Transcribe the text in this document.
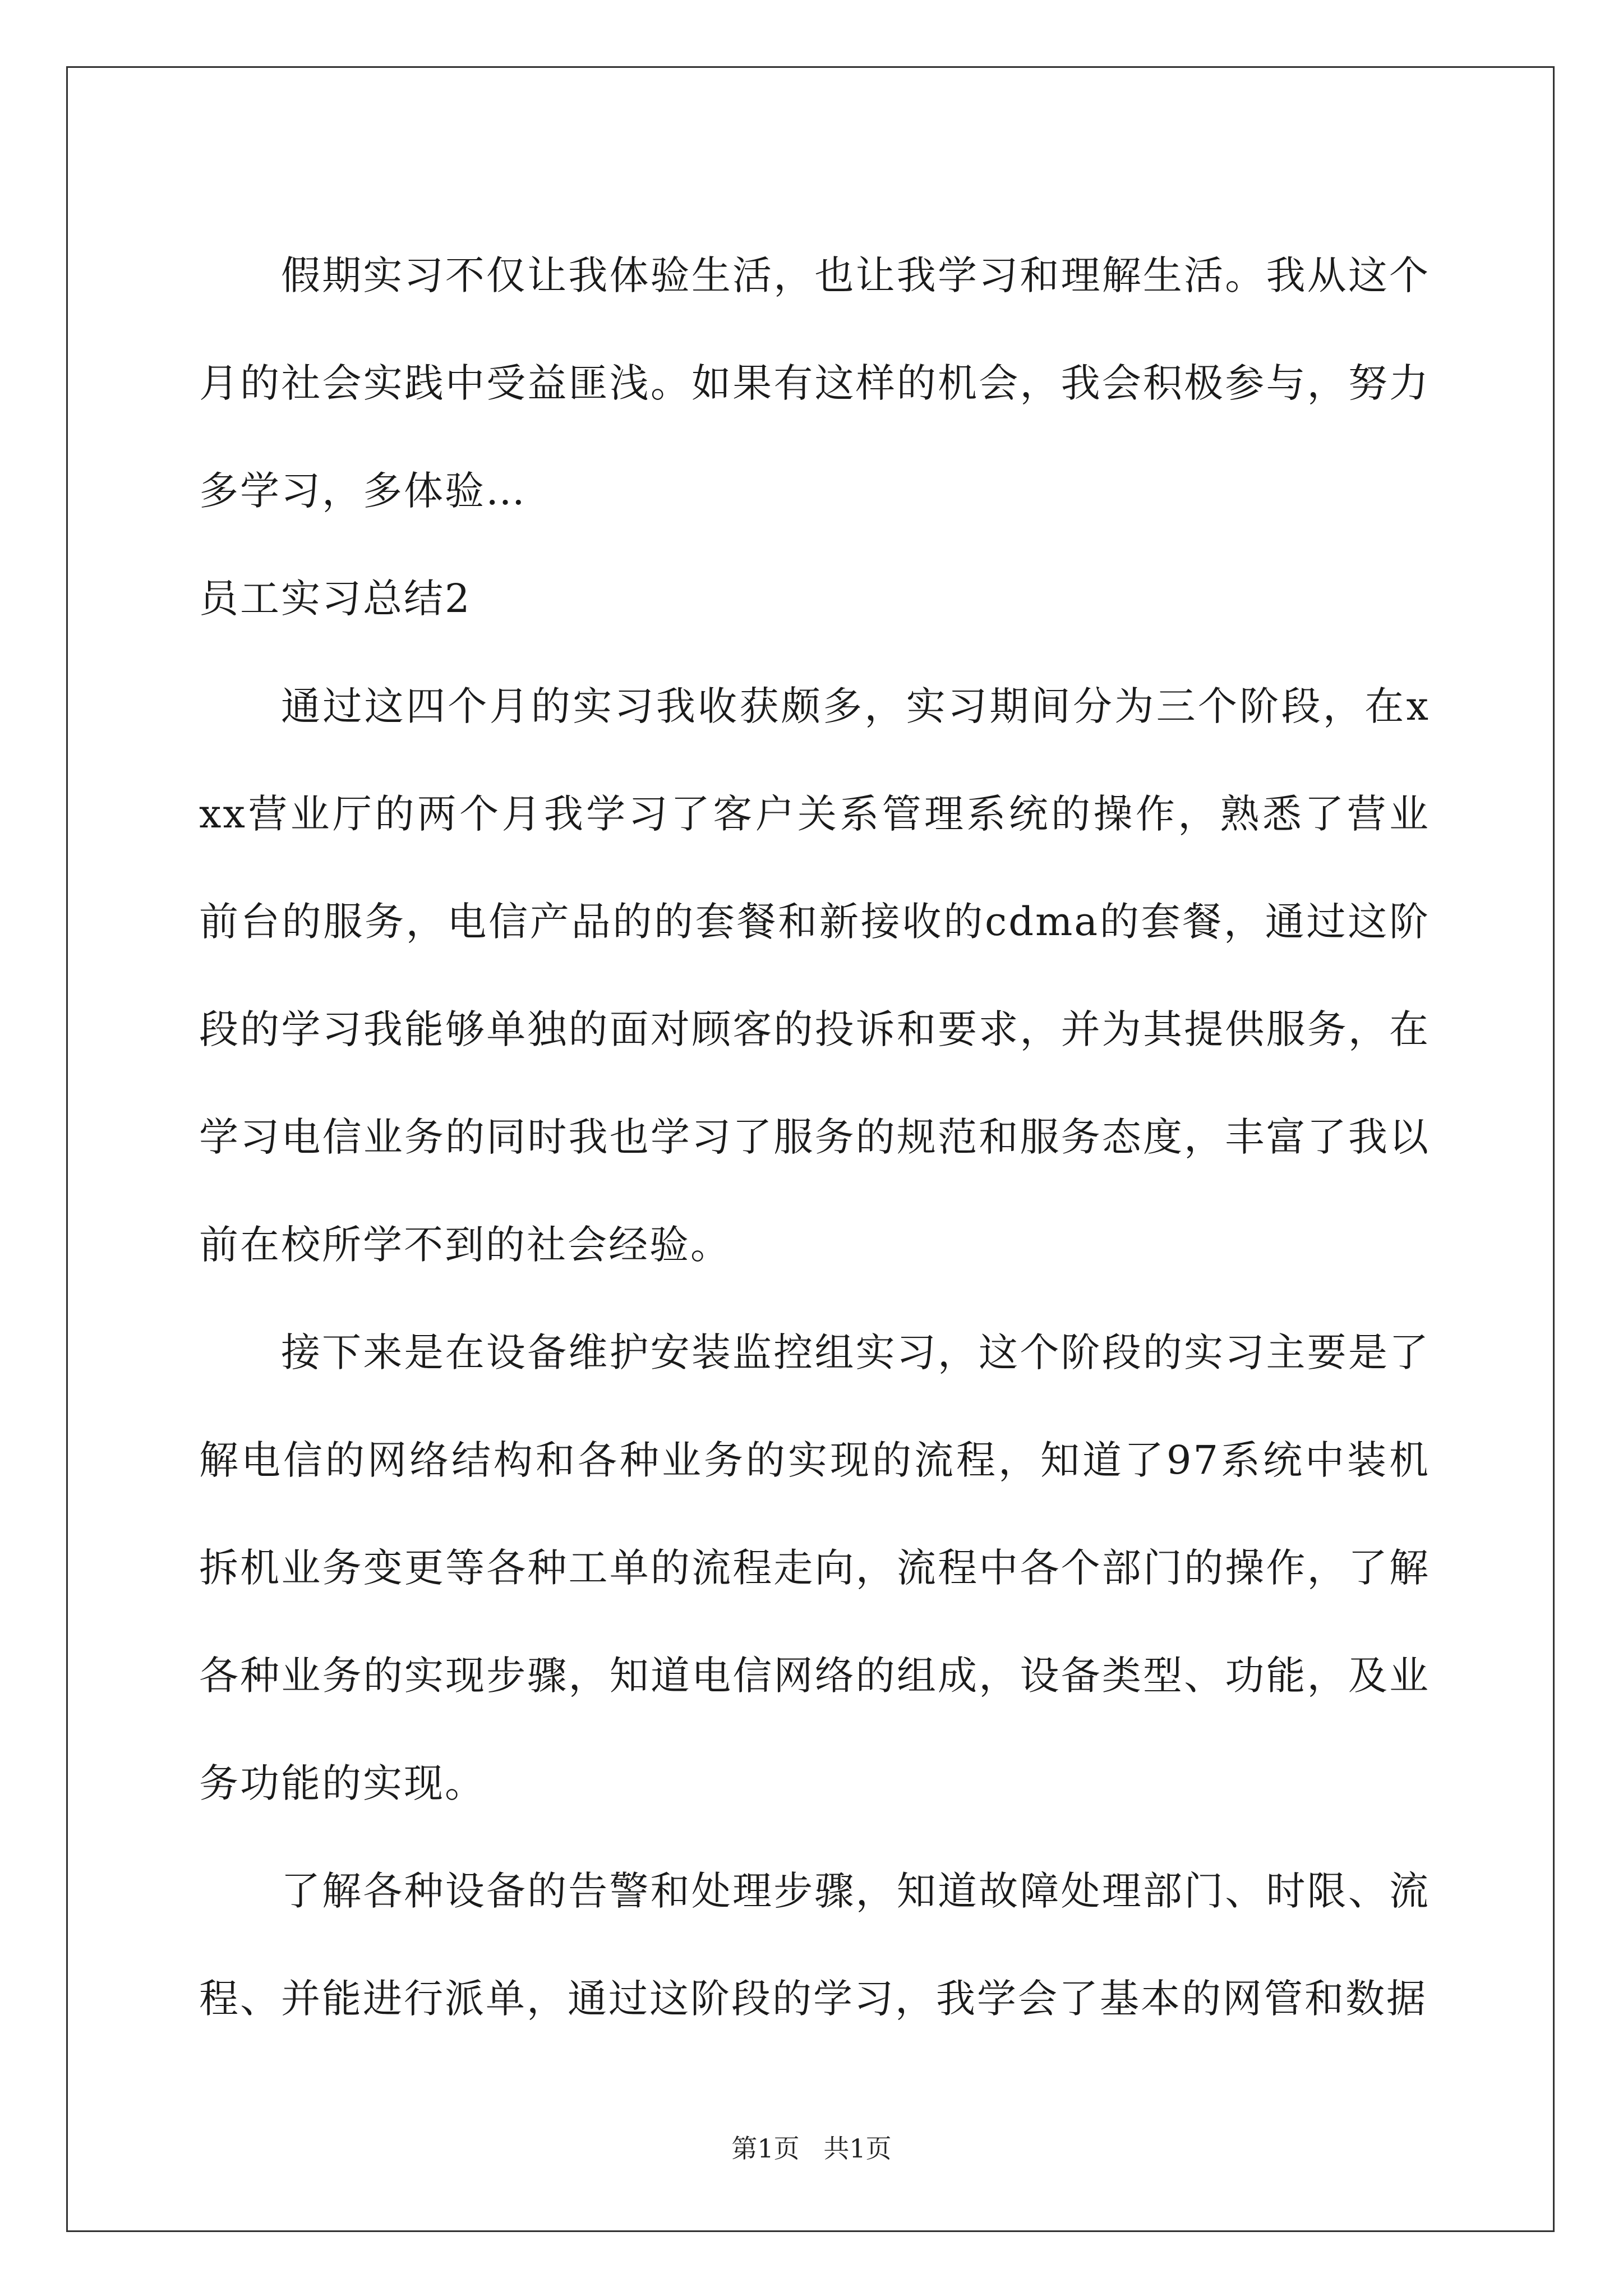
假期实习不仅让我体验生活，也让我学习和理解生活。我从这个月的社会实践中受益匪浅。如果有这样的机会，我会积极参与，努力多学习，多体验…

员工实习总结2

通过这四个月的实习我收获颇多，实习期间分为三个阶段，在xxx营业厅的两个月我学习了客户关系管理系统的操作，熟悉了营业前台的服务，电信产品的的套餐和新接收的cdma的套餐，通过这阶段的学习我能够单独的面对顾客的投诉和要求，并为其提供服务，在学习电信业务的同时我也学习了服务的规范和服务态度，丰富了我以前在校所学不到的社会经验。

接下来是在设备维护安装监控组实习，这个阶段的实习主要是了解电信的网络结构和各种业务的实现的流程，知道了97系统中装机拆机业务变更等各种工单的流程走向，流程中各个部门的操作，了解各种业务的实现步骤，知道电信网络的组成，设备类型、功能，及业务功能的实现。

了解各种设备的告警和处理步骤，知道故障处理部门、时限、流程、并能进行派单，通过这阶段的学习，我学会了基本的网管和数据

第1页 共1页
